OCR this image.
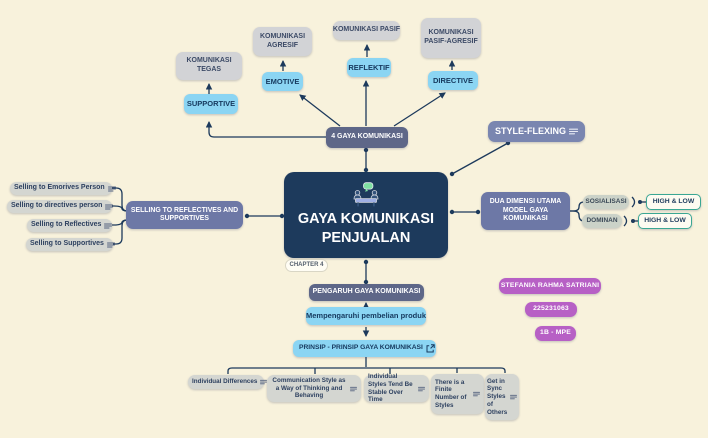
KOMUNIKASI TEGAS
KOMUNIKASI AGRESIF
KOMUNIKASI PASIF	KOMUNIKASI PASIF-AGRESIF
SUPPORTIVE
EMOTIVE
REFLEKTIF
DIRECTIVE
4 GAYA KOMUNIKASI
GAYA KOMUNIKASI PENJUALAN
CHAPTER 4
STYLE-FLEXING
DUA DIMENSI UTAMA MODEL GAYA KOMUNIKASI
SOSIALISASI
DOMINAN
HIGH & LOW
HIGH & LOW
SELLING TO REFLECTIVES AND SUPPORTIVES
Selling to Emorives Person
Selling to directives person
Selling to Reflectives
Selling to Supportives
PENGARUH GAYA KOMUNIKASI
Mempengaruhi pembelian produk
PRINSIP - PRINSIP GAYA KOMUNIKASI
Individual Differences Communication Style as a Way of Thinking and Behaving
Individual Styles Tend Be Stable Over Time
There is a Finite Number of Styles
Get in Sync Styles of Others
STEFANIA RAHMA SATRIANI
225231063
1B - MPE
